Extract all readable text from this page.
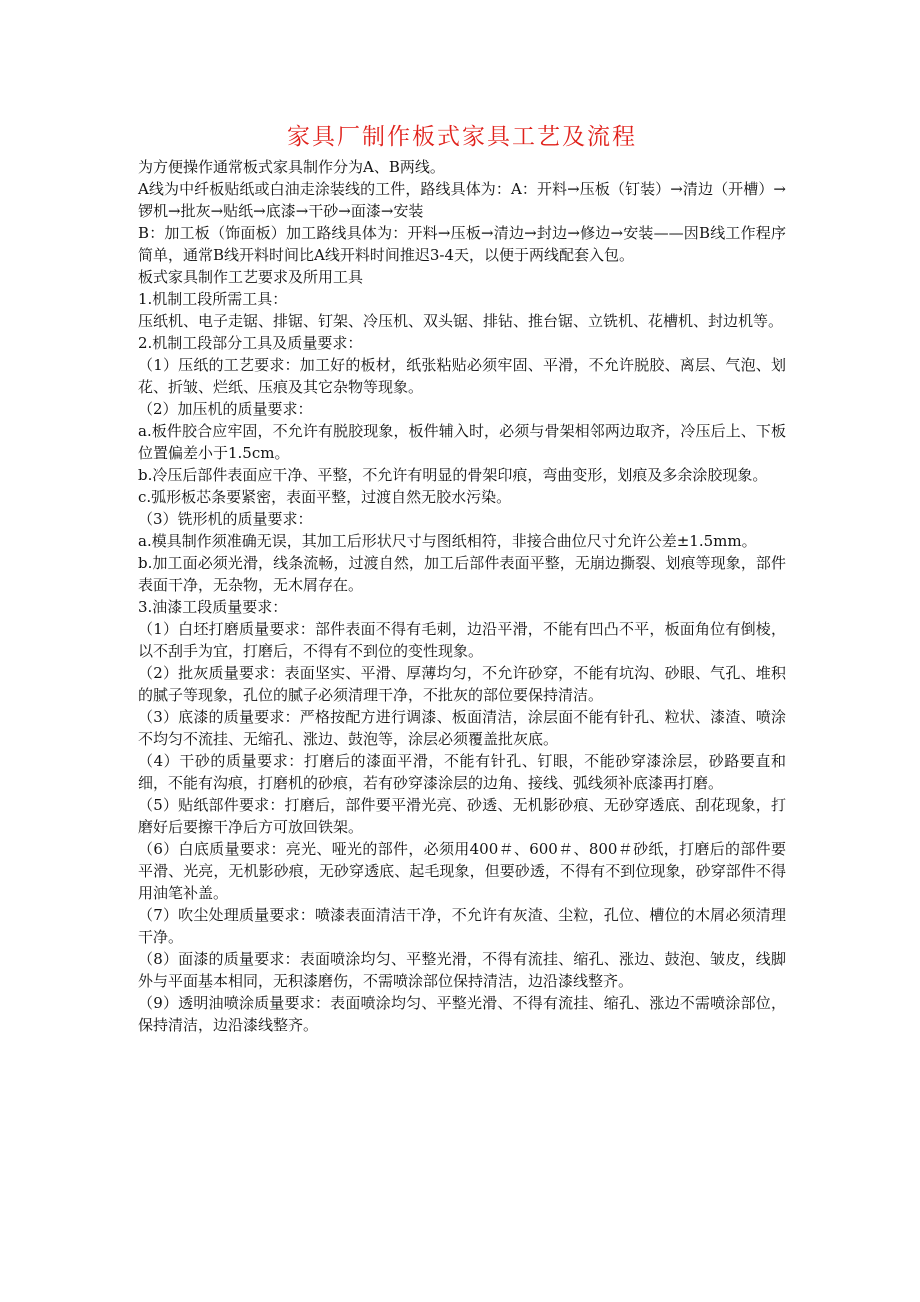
家具厂制作板式家具工艺及流程

为方便操作通常板式家具制作分为A、B两线。

A线为中纤板贴纸或白油走涂装线的工件，路线具体为：A：开料→压板（钉装）→清边（开槽）→锣机→批灰→贴纸→底漆→干砂→面漆→安装

B：加工板（饰面板）加工路线具体为：开料→压板→清边→封边→修边→安装——因B线工作程序简单，通常B线开料时间比A线开料时间推迟3-4天，以便于两线配套入包。

板式家具制作工艺要求及所用工具

1.机制工段所需工具：

压纸机、电子走锯、排锯、钉架、冷压机、双头锯、排钻、推台锯、立铣机、花槽机、封边机等。

2.机制工段部分工具及质量要求：

（1）压纸的工艺要求：加工好的板材，纸张粘贴必须牢固、平滑，不允许脱胶、离层、气泡、划花、折皱、烂纸、压痕及其它杂物等现象。

（2）加压机的质量要求：

a.板件胶合应牢固，不允许有脱胶现象，板件辅入时，必须与骨架相邻两边取齐，冷压后上、下板位置偏差小于1.5cm。

b.冷压后部件表面应干净、平整，不允许有明显的骨架印痕，弯曲变形，划痕及多余涂胶现象。

c.弧形板芯条要紧密，表面平整，过渡自然无胶水污染。

（3）铣形机的质量要求：

a.模具制作须准确无误，其加工后形状尺寸与图纸相符，非接合曲位尺寸允许公差±1.5mm。

b.加工面必须光滑，线条流畅，过渡自然，加工后部件表面平整，无崩边撕裂、划痕等现象，部件表面干净，无杂物，无木屑存在。

3.油漆工段质量要求：

（1）白坯打磨质量要求：部件表面不得有毛刺，边沿平滑，不能有凹凸不平，板面角位有倒棱，以不刮手为宜，打磨后，不得有不到位的变性现象。

（2）批灰质量要求：表面坚实、平滑、厚薄均匀，不允许砂穿，不能有坑沟、砂眼、气孔、堆积的腻子等现象，孔位的腻子必须清理干净，不批灰的部位要保持清洁。

（3）底漆的质量要求：严格按配方进行调漆、板面清洁，涂层面不能有针孔、粒状、漆渣、喷涂不均匀不流挂、无缩孔、涨边、鼓泡等，涂层必须覆盖批灰底。

（4）干砂的质量要求：打磨后的漆面平滑，不能有针孔、钉眼，不能砂穿漆涂层，砂路要直和细，不能有沟痕，打磨机的砂痕，若有砂穿漆涂层的边角、接线、弧线须补底漆再打磨。

（5）贴纸部件要求：打磨后，部件要平滑光亮、砂透、无机影砂痕、无砂穿透底、刮花现象，打磨好后要擦干净后方可放回铁架。

（6）白底质量要求：亮光、哑光的部件，必须用400＃、600＃、800＃砂纸，打磨后的部件要平滑、光亮，无机影砂痕，无砂穿透底、起毛现象，但要砂透，不得有不到位现象，砂穿部件不得用油笔补盖。

（7）吹尘处理质量要求：喷漆表面清洁干净，不允许有灰渣、尘粒，孔位、槽位的木屑必须清理干净。

（8）面漆的质量要求：表面喷涂均匀、平整光滑，不得有流挂、缩孔、涨边、鼓泡、皱皮，线脚外与平面基本相同，无积漆磨伤，不需喷涂部位保持清洁，边沿漆线整齐。

（9）透明油喷涂质量要求：表面喷涂均匀、平整光滑、不得有流挂、缩孔、涨边不需喷涂部位，保持清洁，边沿漆线整齐。
